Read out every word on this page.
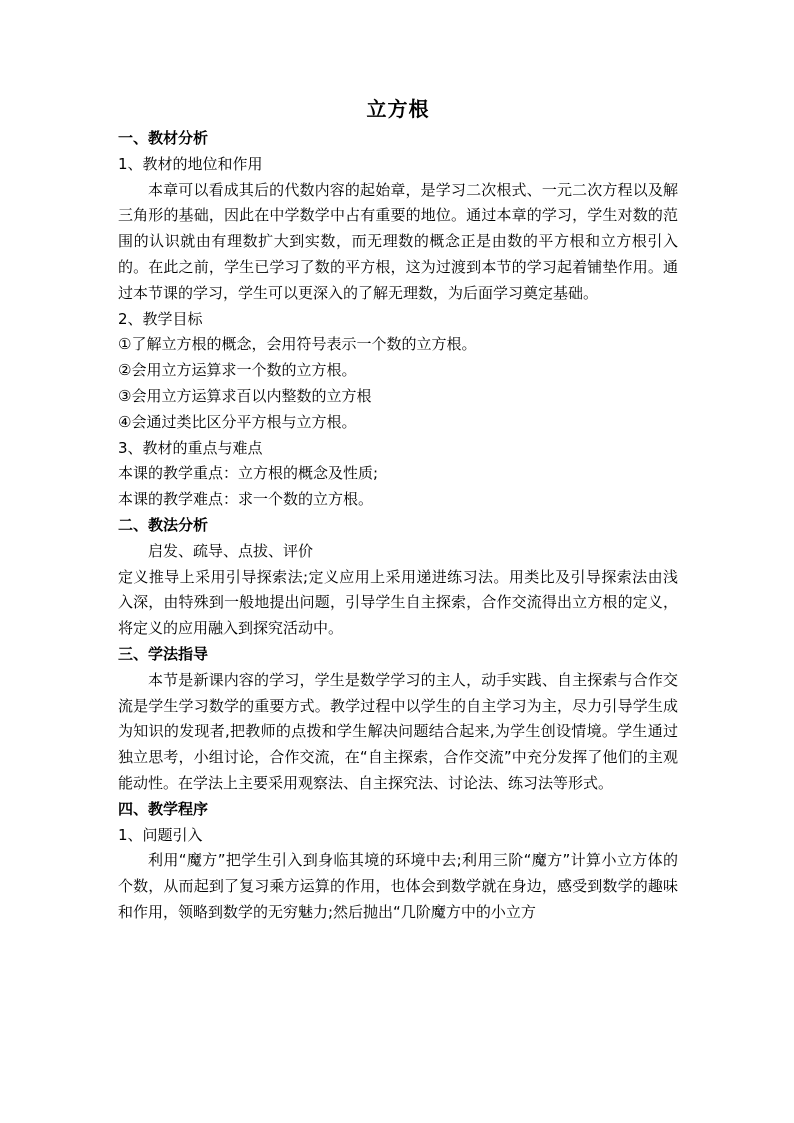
立方根

一、教材分析

1、教材的地位和作用

本章可以看成其后的代数内容的起始章，是学习二次根式、一元二次方程以及解三角形的基础，因此在中学数学中占有重要的地位。通过本章的学习，学生对数的范围的认识就由有理数扩大到实数，而无理数的概念正是由数的平方根和立方根引入的。在此之前，学生已学习了数的平方根，这为过渡到本节的学习起着铺垫作用。通过本节课的学习，学生可以更深入的了解无理数，为后面学习奠定基础。

2、教学目标

①了解立方根的概念，会用符号表示一个数的立方根。

②会用立方运算求一个数的立方根。

③会用立方运算求百以内整数的立方根

④会通过类比区分平方根与立方根。

3、教材的重点与难点

本课的教学重点：立方根的概念及性质;

本课的教学难点：求一个数的立方根。

二、教法分析

启发、疏导、点拔、评价

定义推导上采用引导探索法;定义应用上采用递进练习法。用类比及引导探索法由浅入深，由特殊到一般地提出问题，引导学生自主探索，合作交流得出立方根的定义，将定义的应用融入到探究活动中。

三、学法指导

本节是新课内容的学习，学生是数学学习的主人，动手实践、自主探索与合作交流是学生学习数学的重要方式。教学过程中以学生的自主学习为主，尽力引导学生成为知识的发现者,把教师的点拨和学生解决问题结合起来,为学生创设情境。学生通过独立思考，小组讨论，合作交流，在“自主探索，合作交流”中充分发挥了他们的主观能动性。在学法上主要采用观察法、自主探究法、讨论法、练习法等形式。

四、教学程序

1、问题引入

利用“魔方”把学生引入到身临其境的环境中去;利用三阶“魔方”计算小立方体的个数，从而起到了复习乘方运算的作用，也体会到数学就在身边，感受到数学的趣味和作用，领略到数学的无穷魅力;然后抛出“几阶魔方中的小立方
